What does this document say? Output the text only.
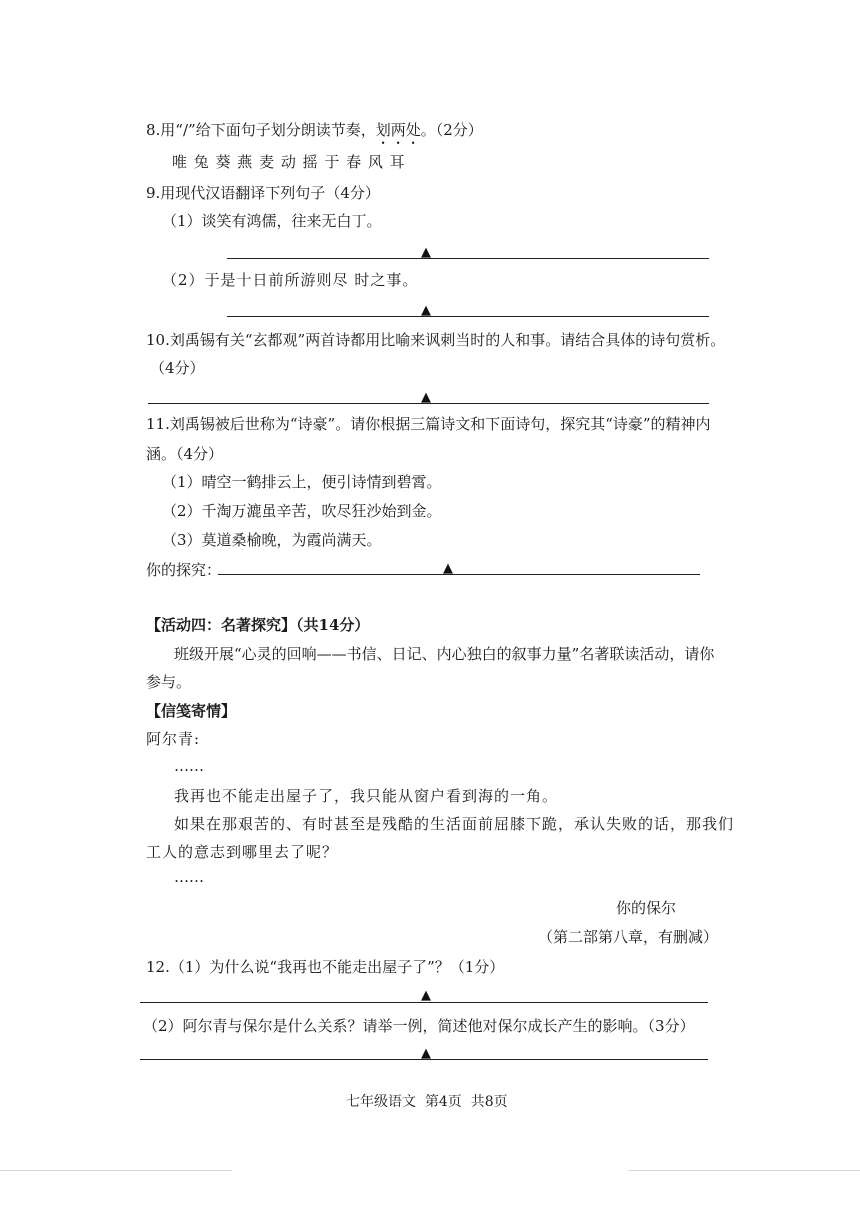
8.用“/”给下面句子划分朗读节奏，划两处。（2分）
唯 兔 葵 燕 麦 动 摇 于 春 风 耳
9.用现代汉语翻译下列句子（4分）
（1）谈笑有鸿儒，往来无白丁。
▲
（2）于是十日前所游则尽 时之事。
▲
10.刘禹锡有关“玄都观”两首诗都用比喻来讽刺当时的人和事。请结合具体的诗句赏析。
（4分）
▲
11.刘禹锡被后世称为“诗豪”。请你根据三篇诗文和下面诗句，探究其“诗豪”的精神内
涵。（4分）
（1）晴空一鹤排云上，便引诗情到碧霄。
（2）千淘万漉虽辛苦，吹尽狂沙始到金。
（3）莫道桑榆晚，为霞尚满天。
你的探究：	▲
【活动四：名著探究】（共14分）
班级开展“心灵的回响——书信、日记、内心独白的叙事力量”名著联读活动，请你
参与。
【信笺寄情】
阿尔青:
……
我再也不能走出屋子了，我只能从窗户看到海的一角。
如果在那艰苦的、有时甚至是残酷的生活面前屈膝下跪，承认失败的话，那我们
工人的意志到哪里去了呢？
……
你的保尔
（第二部第八章，有删减）
12.（1）为什么说“我再也不能走出屋子了”？（1分）
▲
（2）阿尔青与保尔是什么关系？请举一例，简述他对保尔成长产生的影响。（3分）
▲
七年级语文  第4页  共8页
